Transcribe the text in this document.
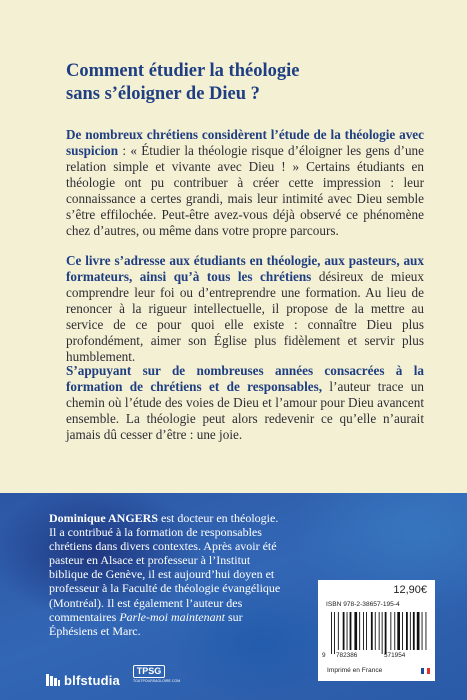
Comment étudier la théologie
sans s’éloigner de Dieu ?

De nombreux chrétiens considèrent l’étude de la théologie avec suspicion : « Étudier la théologie risque d’éloigner les gens d’une relation simple et vivante avec Dieu ! » Certains étudiants en théologie ont pu contribuer à créer cette impression : leur connaissance a certes grandi, mais leur intimité avec Dieu semble s’être effilochée. Peut-être avez-vous déjà observé ce phénomène chez d’autres, ou même dans votre propre parcours.

Ce livre s’adresse aux étudiants en théologie, aux pasteurs, aux formateurs, ainsi qu’à tous les chrétiens désireux de mieux comprendre leur foi ou d’entreprendre une formation. Au lieu de renoncer à la rigueur intellectuelle, il propose de la mettre au service de ce pour quoi elle existe : connaître Dieu plus profondément, aimer son Église plus fidèlement et servir plus humblement.

S’appuyant sur de nombreuses années consacrées à la formation de chrétiens et de responsables, l’auteur trace un chemin où l’étude des voies de Dieu et l’amour pour Dieu avancent ensemble. La théologie peut alors redevenir ce qu’elle n’aurait jamais dû cesser d’être : une joie.

Dominique ANGERS est docteur en théologie. Il a contribué à la formation de responsables chrétiens dans divers contextes. Après avoir été pasteur en Alsace et professeur à l’Institut biblique de Genève, il est aujourd’hui doyen et professeur à la Faculté de théologie évangélique (Montréal). Il est également l’auteur des commentaires Parle-moi maintenant sur Éphésiens et Marc.

blfstudia
TPSG
TOUTPOURSAGLOIRE.COM
12,90€
ISBN 978-2-38657-195-4
9 782386	571954
Imprimé en France
